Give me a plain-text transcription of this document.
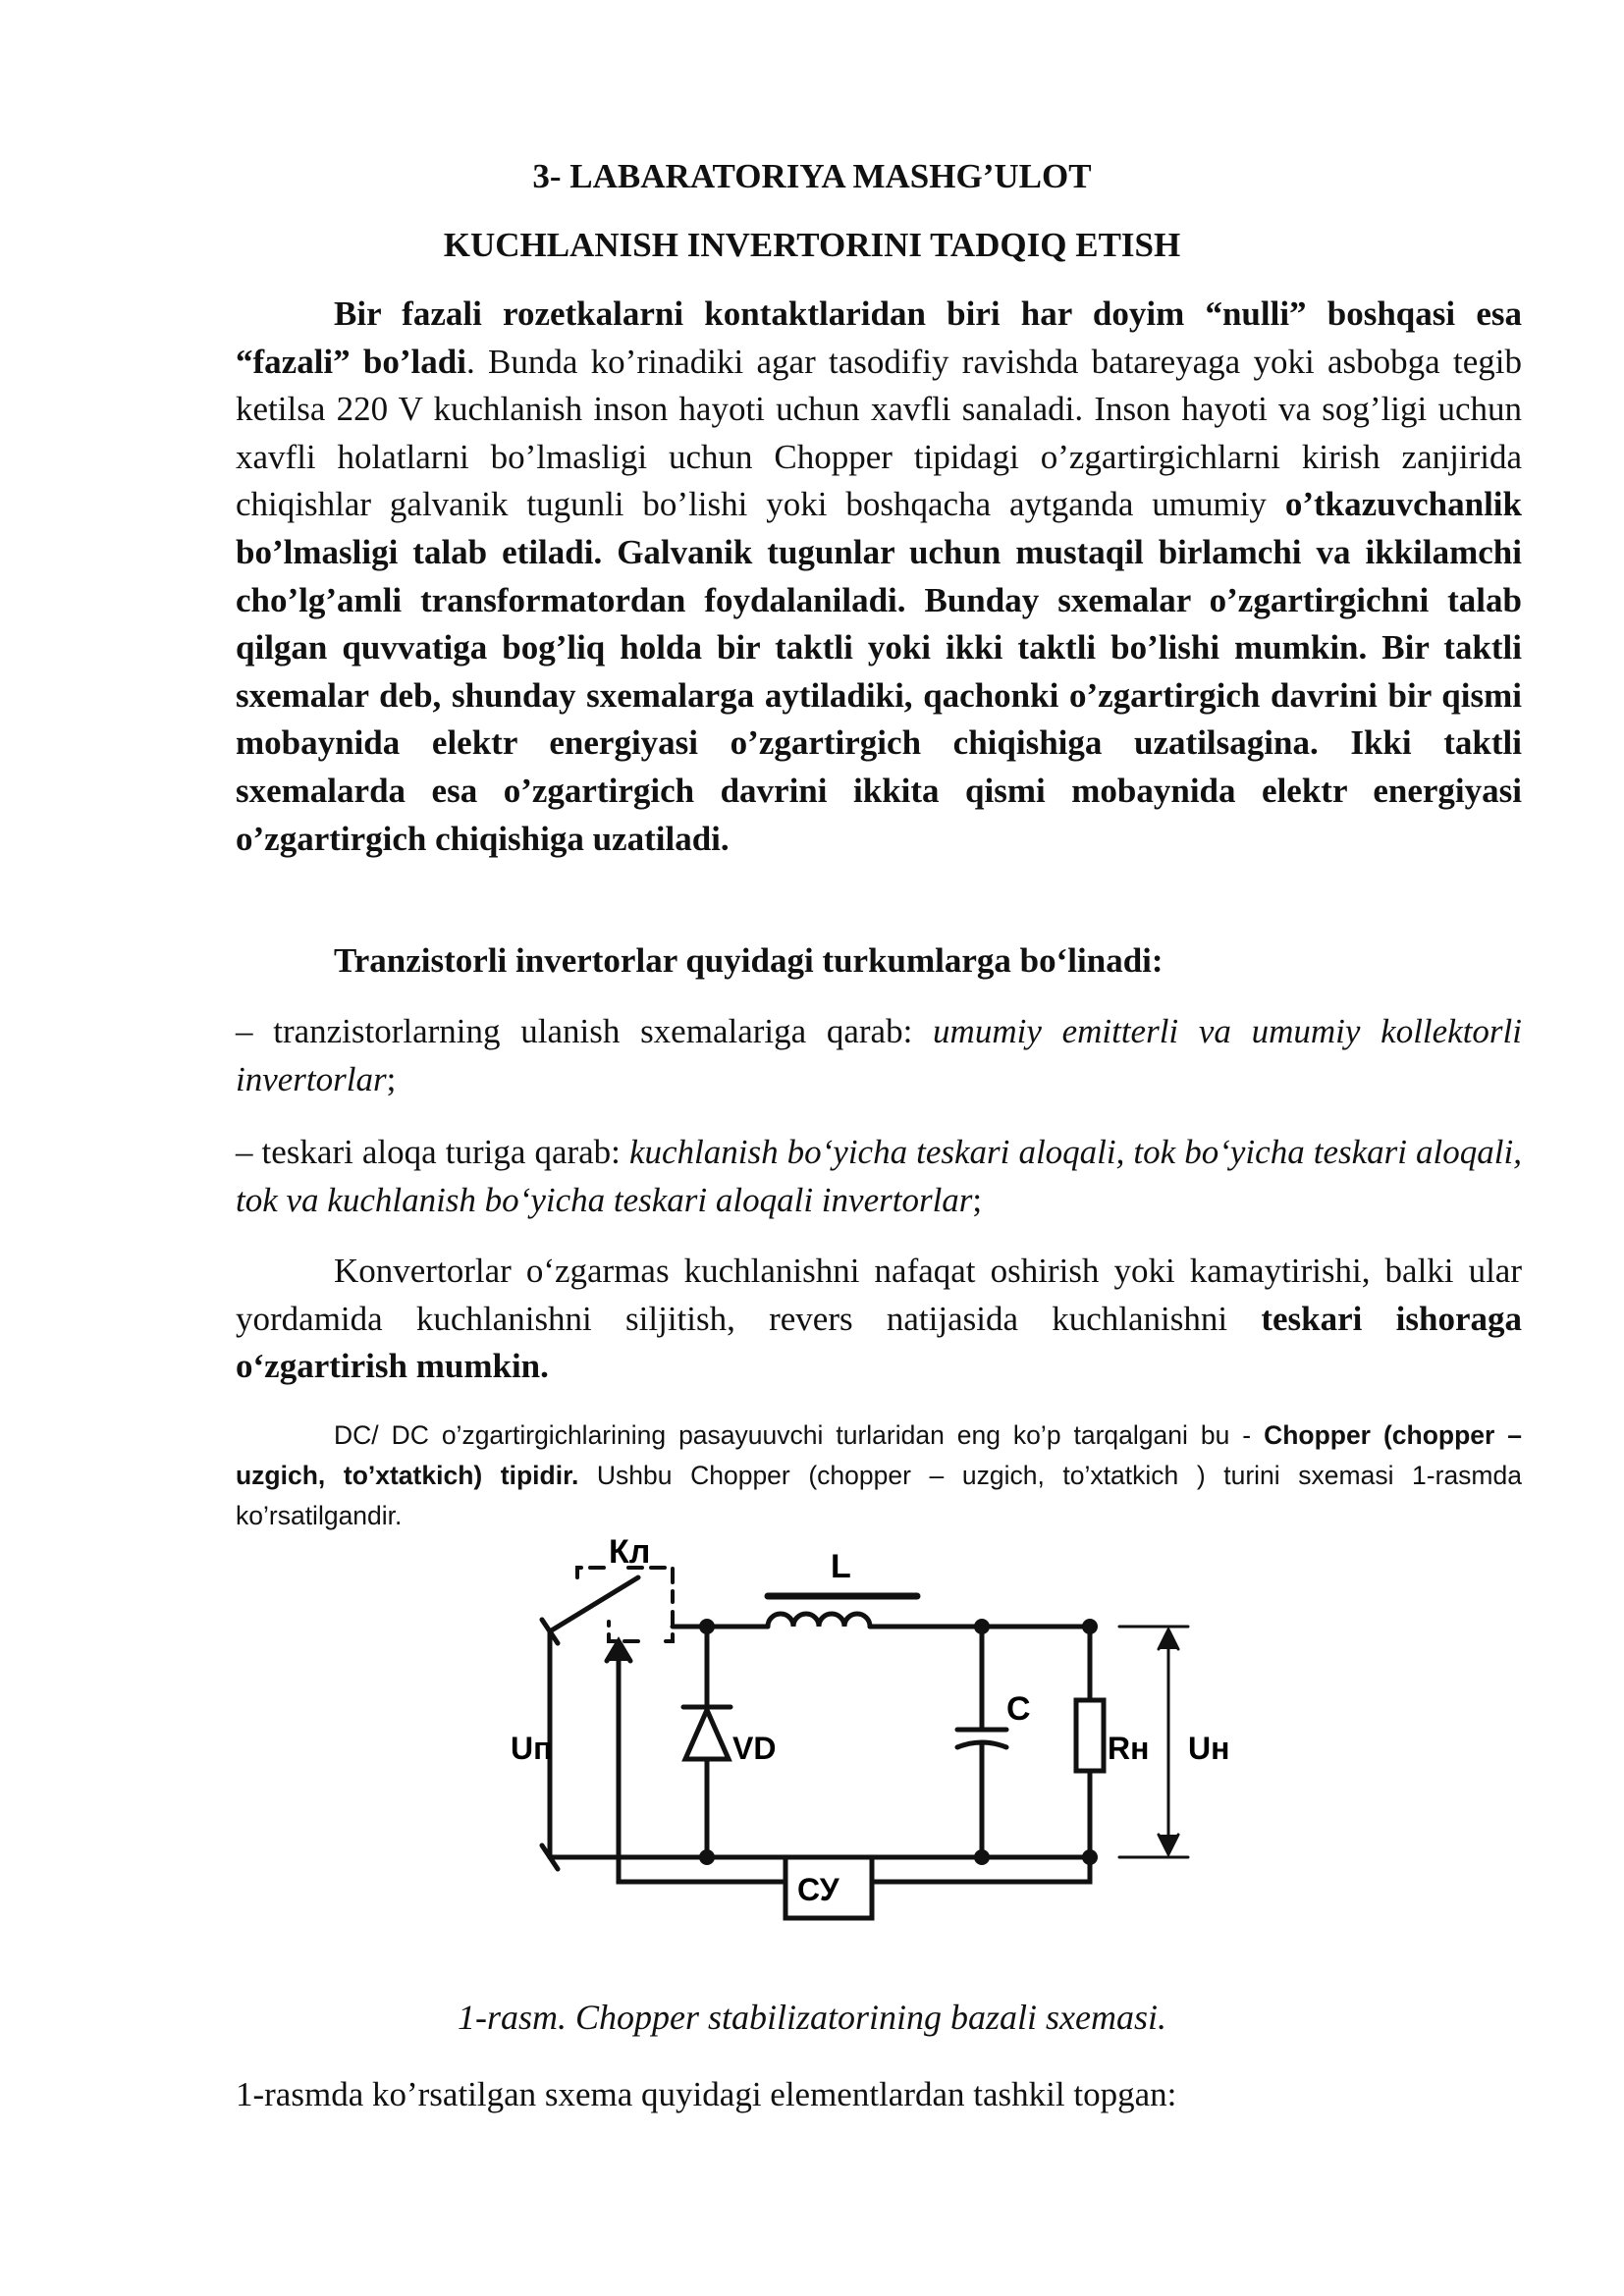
3- LABARATORIYA MASHG’ULOT

KUCHLANISH INVERTORINI TADQIQ ETISH

Bir fazali rozetkalarni kontaktlaridan biri har doyim “nulli” boshqasi esa “fazali” bo’ladi. Bunda ko’rinadiki agar tasodifiy ravishda batareyaga yoki asbobga tegib ketilsa 220 V kuchlanish inson hayoti uchun xavfli sanaladi. Inson hayoti va sog’ligi uchun xavfli holatlarni bo’lmasligi uchun Chopper tipidagi o’zgartirgichlarni kirish zanjirida chiqishlar galvanik tugunli bo’lishi yoki boshqacha aytganda umumiy o’tkazuvchanlik bo’lmasligi talab etiladi. Galvanik tugunlar uchun mustaqil birlamchi va ikkilamchi cho’lg’amli transformatordan foydalaniladi. Bunday sxemalar o’zgartirgichni talab qilgan quvvatiga bog’liq holda bir taktli yoki ikki taktli bo’lishi mumkin. Bir taktli sxemalar deb, shunday sxemalarga aytiladiki, qachonki o’zgartirgich davrini bir qismi mobaynida elektr energiyasi o’zgartirgich chiqishiga uzatilsagina. Ikki taktli sxemalarda esa o’zgartirgich davrini ikkita qismi mobaynida elektr energiyasi o’zgartirgich chiqishiga uzatiladi.

Tranzistorli invertorlar quyidagi turkumlarga bo‘linadi:

– tranzistorlarning ulanish sxemalariga qarab: umumiy emitterli va umumiy kollektorli invertorlar;

– teskari aloqa turiga qarab: kuchlanish bo‘yicha teskari aloqali, tok bo‘yicha teskari aloqali, tok va kuchlanish bo‘yicha teskari aloqali invertorlar;

Konvertorlar o‘zgarmas kuchlanishni nafaqat oshirish yoki kamaytirishi, balki ular yordamida kuchlanishni siljitish, revers natijasida kuchlanishni teskari ishoraga o‘zgartirish mumkin.

DC/ DC o’zgartirgichlarining pasayuuvchi turlaridan eng ko’p tarqalgani bu - Chopper (chopper – uzgich, to’xtatkich) tipidir. Ushbu Chopper (chopper – uzgich, to’xtatkich ) turini sxemasi 1-rasmda ko’rsatilgandir.

Кл	L
VD
C
Uп	Rн Uн
СУ

1-rasm. Chopper stabilizatorining bazali sxemasi.

1-rasmda ko’rsatilgan sxema quyidagi elementlardan tashkil topgan:
